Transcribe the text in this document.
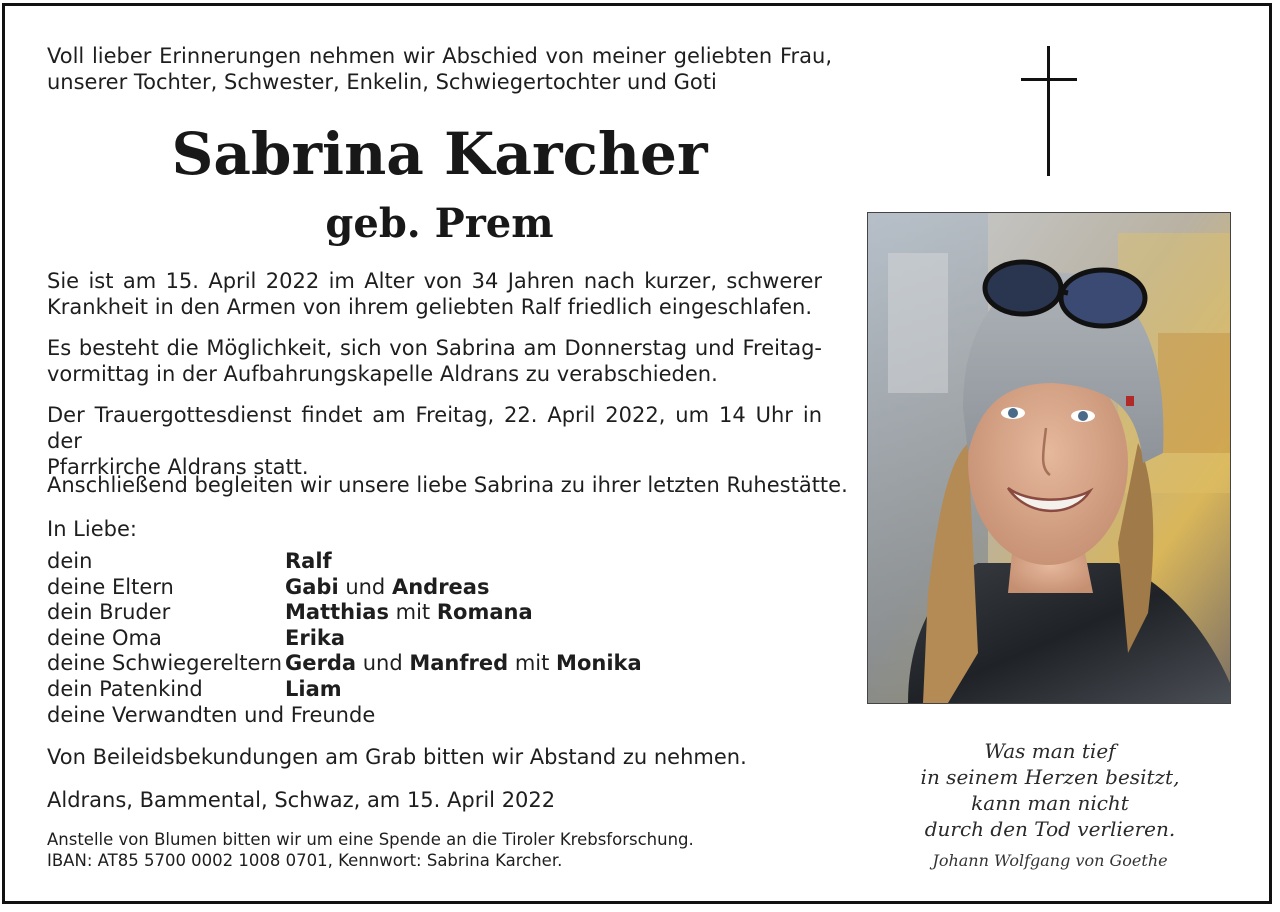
Voll lieber Erinnerungen nehmen wir Abschied von meiner geliebten Frau,
unserer Tochter, Schwester, Enkelin, Schwiegertochter und Goti
Sabrina Karcher
geb. Prem
Sie ist am 15. April 2022 im Alter von 34 Jahren nach kurzer, schwerer
Krankheit in den Armen von ihrem geliebten Ralf friedlich eingeschlafen.
Es besteht die Möglichkeit, sich von Sabrina am Donnerstag und Freitag-
vormittag in der Aufbahrungskapelle Aldrans zu verabschieden.
Der Trauergottesdienst findet am Freitag, 22. April 2022, um 14 Uhr in der
Pfarrkirche Aldrans statt.
Anschließend begleiten wir unsere liebe Sabrina zu ihrer letzten Ruhestätte.
In Liebe:
dein	Ralf
deine Eltern	Gabi und Andreas
dein Bruder	Matthias mit Romana
deine Oma	Erika
deine Schwiegereltern Gerda und Manfred mit Monika
dein Patenkind	Liam
deine Verwandten und Freunde
Von Beileidsbekundungen am Grab bitten wir Abstand zu nehmen.
Aldrans, Bammental, Schwaz, am 15. April 2022
Anstelle von Blumen bitten wir um eine Spende an die Tiroler Krebsforschung.
IBAN: AT85 5700 0002 1008 0701, Kennwort: Sabrina Karcher.
Was man tief
in seinem Herzen besitzt,
kann man nicht
durch den Tod verlieren.
Johann Wolfgang von Goethe
